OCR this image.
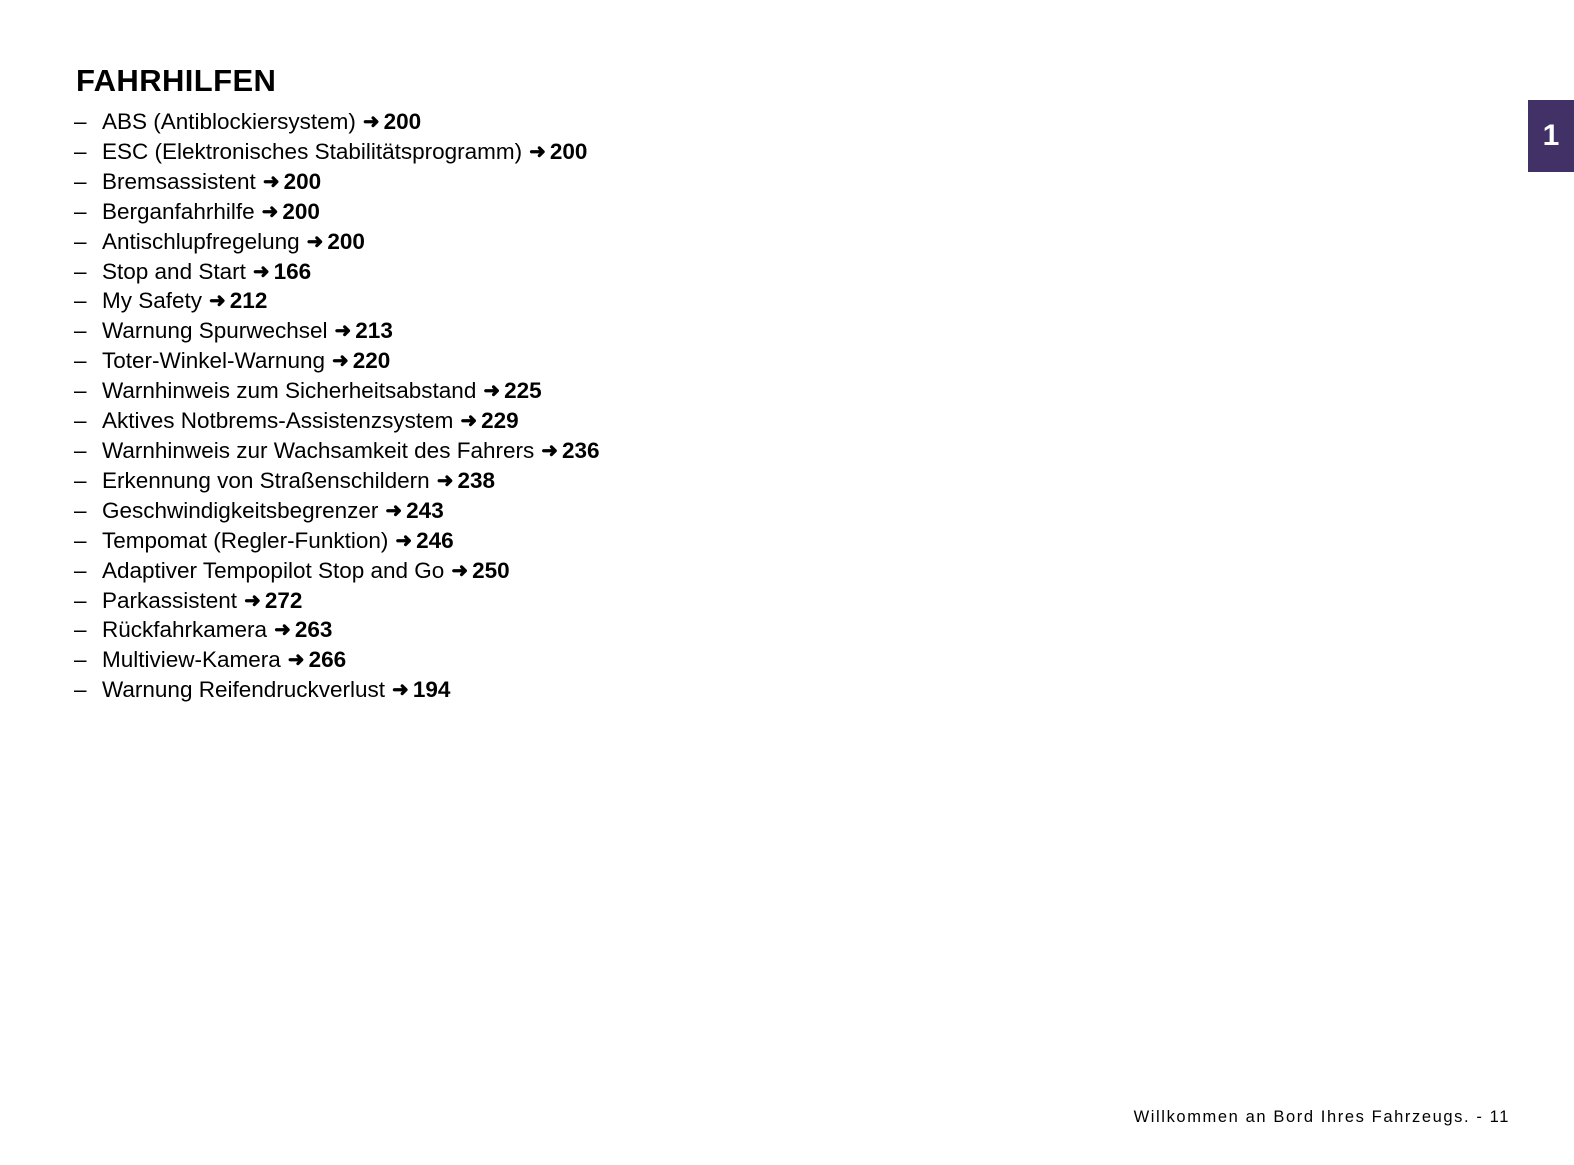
1
FAHRHILFEN
– ABS (Antiblockiersystem) ➜ 200
– ESC (Elektronisches Stabilitätsprogramm) ➜ 200
– Bremsassistent ➜ 200
– Berganfahrhilfe ➜ 200
– Antischlupfregelung ➜ 200
– Stop and Start ➜ 166
– My Safety ➜ 212
– Warnung Spurwechsel ➜ 213
– Toter-Winkel-Warnung ➜ 220
– Warnhinweis zum Sicherheitsabstand ➜ 225
– Aktives Notbrems-Assistenzsystem ➜ 229
– Warnhinweis zur Wachsamkeit des Fahrers ➜ 236
– Erkennung von Straßenschildern ➜ 238
– Geschwindigkeitsbegrenzer ➜ 243
– Tempomat (Regler-Funktion) ➜ 246
– Adaptiver Tempopilot Stop and Go ➜ 250
– Parkassistent ➜ 272
– Rückfahrkamera ➜ 263
– Multiview-Kamera ➜ 266
– Warnung Reifendruckverlust ➜ 194
Willkommen an Bord Ihres Fahrzeugs. - 11
